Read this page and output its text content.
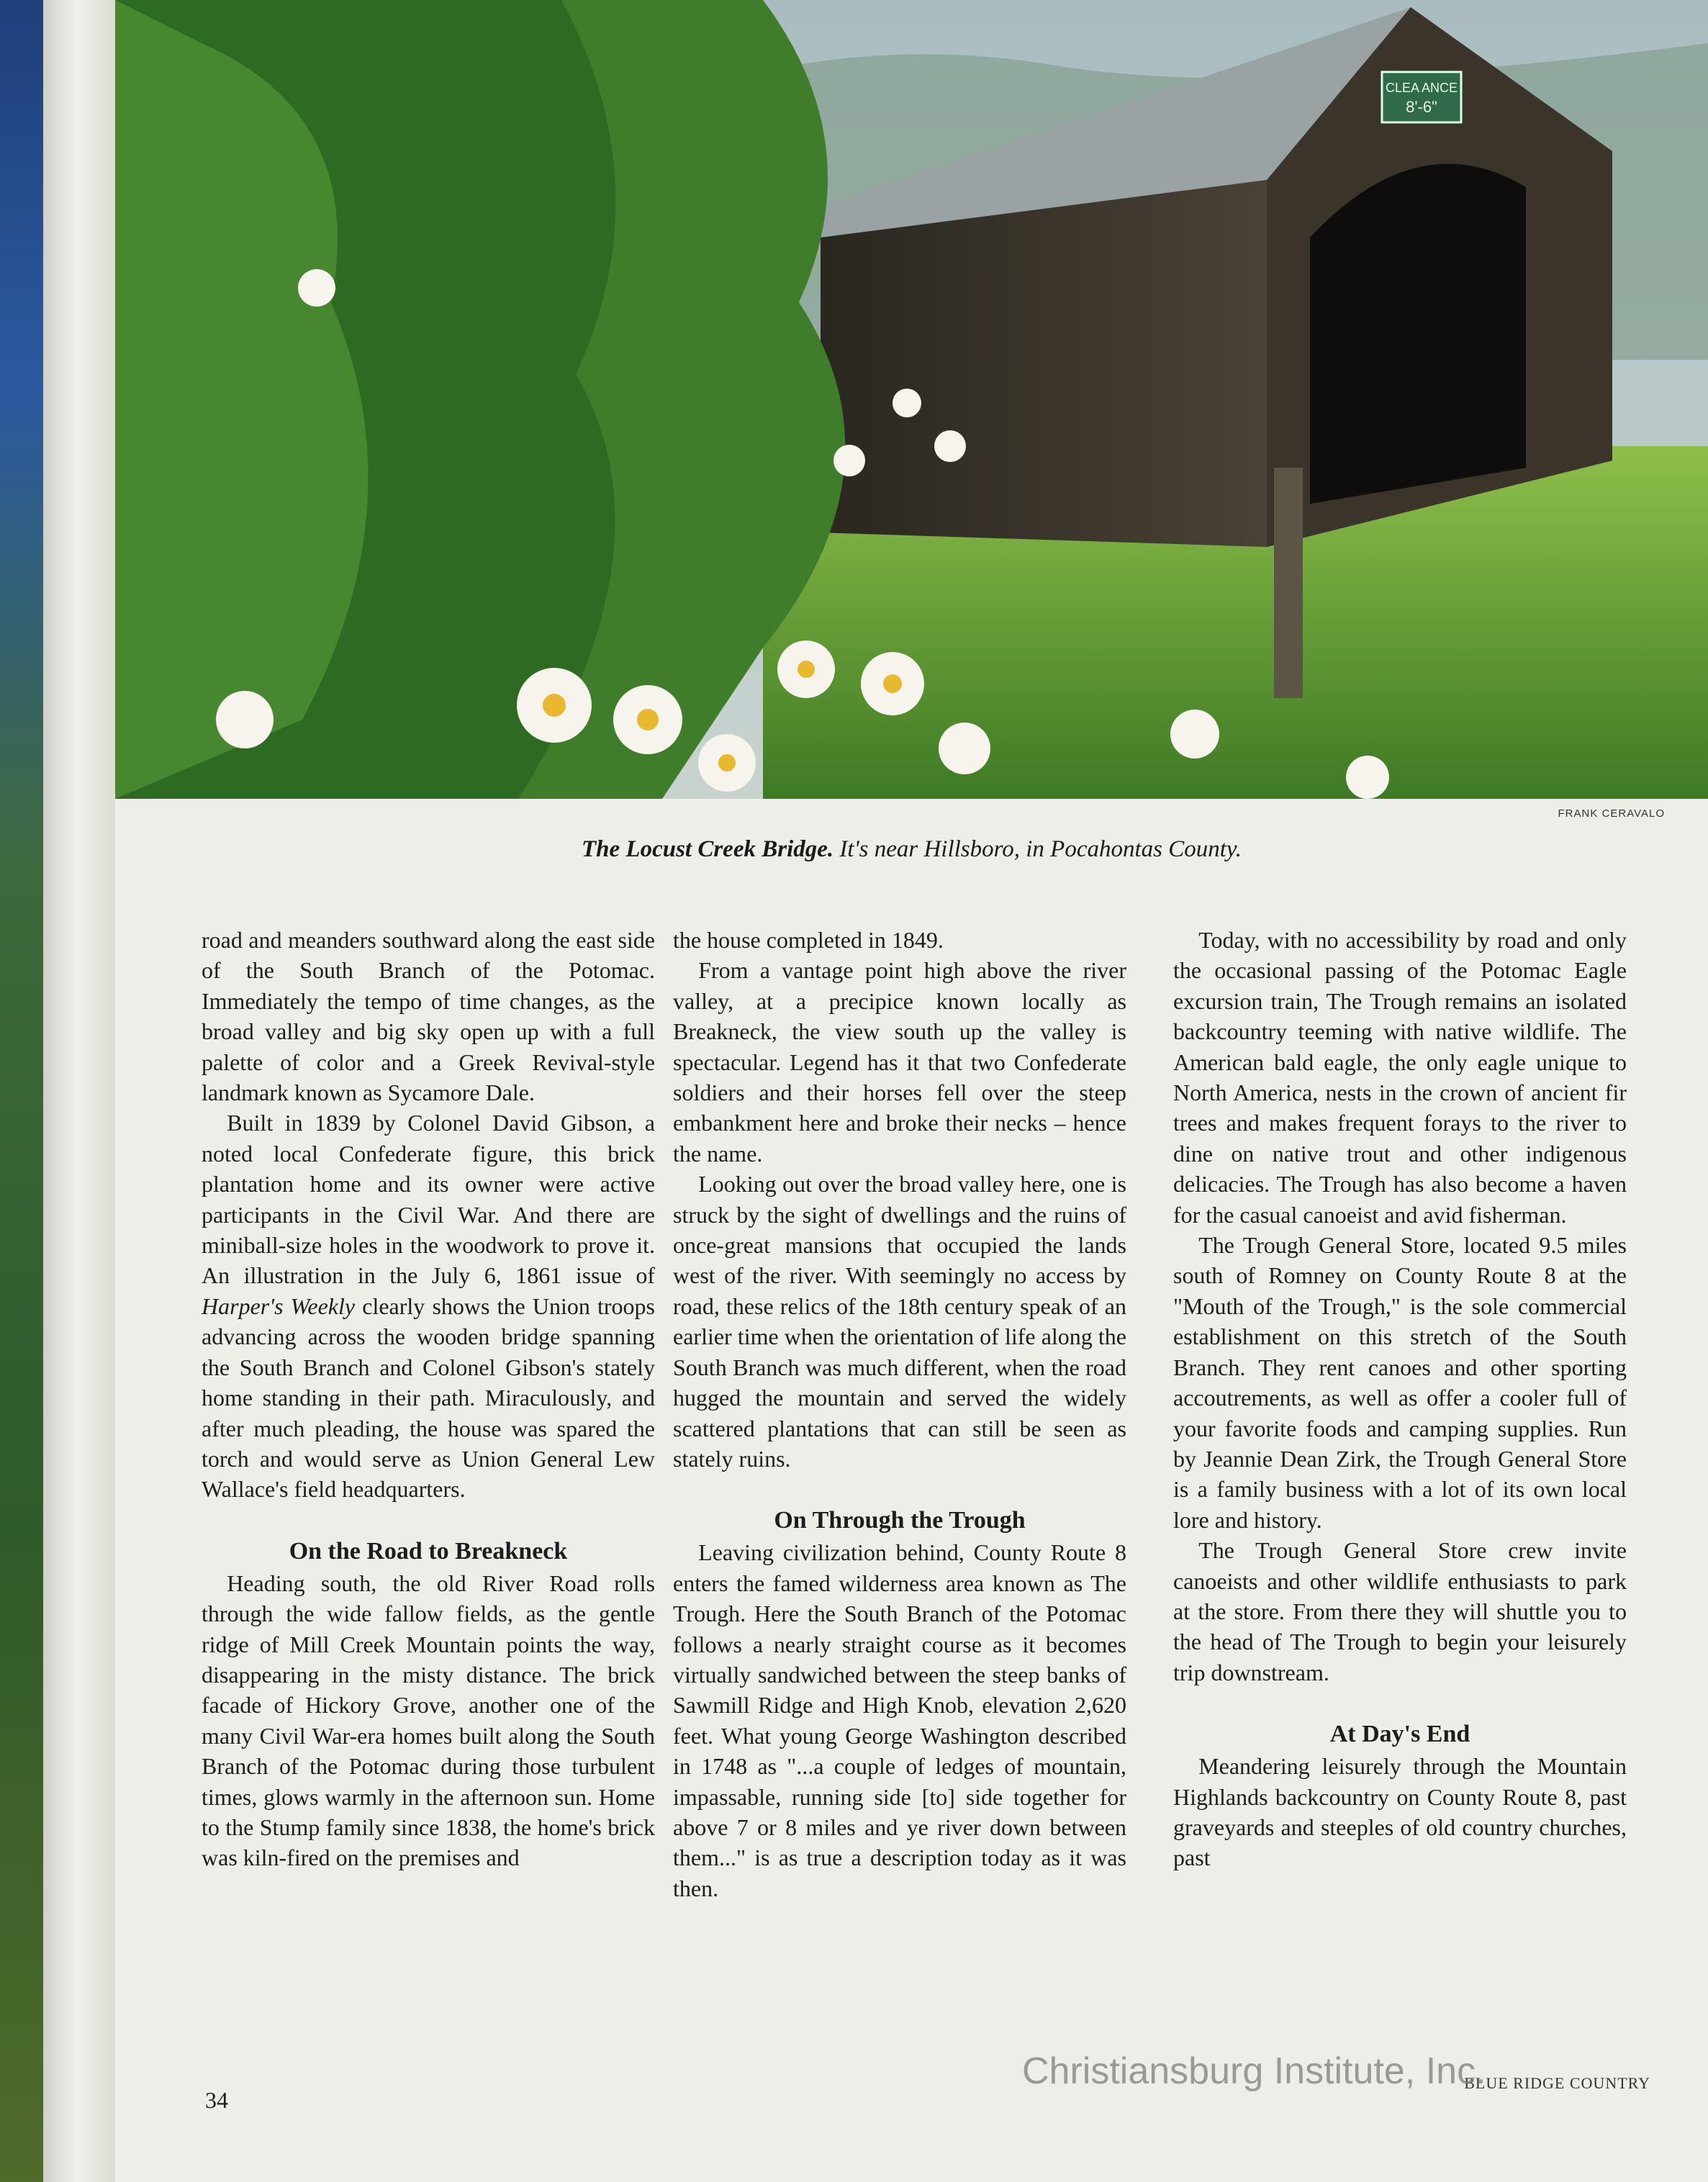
CLEA ANCE
8'-6"
FRANK CERAVALO
The Locust Creek Bridge. It's near Hillsboro, in Pocahontas County.

road and meanders southward along the east side of the South Branch of the Potomac. Immediately the tempo of time changes, as the broad valley and big sky open up with a full palette of color and a Greek Revival-style landmark known as Sycamore Dale.

Built in 1839 by Colonel David Gibson, a noted local Confederate figure, this brick plantation home and its owner were active participants in the Civil War. And there are miniball-size holes in the woodwork to prove it. An illustration in the July 6, 1861 issue of Harper's Weekly clearly shows the Union troops advancing across the wooden bridge spanning the South Branch and Colonel Gibson's stately home standing in their path. Miraculously, and after much pleading, the house was spared the torch and would serve as Union General Lew Wallace's field headquarters.

On the Road to Breakneck

Heading south, the old River Road rolls through the wide fallow fields, as the gentle ridge of Mill Creek Mountain points the way, disappearing in the misty distance. The brick facade of Hickory Grove, another one of the many Civil War-era homes built along the South Branch of the Potomac during those turbulent times, glows warmly in the afternoon sun. Home to the Stump family since 1838, the home's brick was kiln-fired on the premises and

the house completed in 1849.

From a vantage point high above the river valley, at a precipice known locally as Breakneck, the view south up the valley is spectacular. Legend has it that two Confederate soldiers and their horses fell over the steep embankment here and broke their necks – hence the name.

Looking out over the broad valley here, one is struck by the sight of dwellings and the ruins of once-great mansions that occupied the lands west of the river. With seemingly no access by road, these relics of the 18th century speak of an earlier time when the orientation of life along the South Branch was much different, when the road hugged the mountain and served the widely scattered plantations that can still be seen as stately ruins.

On Through the Trough

Leaving civilization behind, County Route 8 enters the famed wilderness area known as The Trough. Here the South Branch of the Potomac follows a nearly straight course as it becomes virtually sandwiched between the steep banks of Sawmill Ridge and High Knob, elevation 2,620 feet. What young George Washington described in 1748 as "...a couple of ledges of mountain, impassable, running side [to] side together for above 7 or 8 miles and ye river down between them..." is as true a description today as it was then.

Today, with no accessibility by road and only the occasional passing of the Potomac Eagle excursion train, The Trough remains an isolated backcountry teeming with native wildlife. The American bald eagle, the only eagle unique to North America, nests in the crown of ancient fir trees and makes frequent forays to the river to dine on native trout and other indigenous delicacies. The Trough has also become a haven for the casual canoeist and avid fisherman.

The Trough General Store, located 9.5 miles south of Romney on County Route 8 at the "Mouth of the Trough," is the sole commercial establishment on this stretch of the South Branch. They rent canoes and other sporting accoutrements, as well as offer a cooler full of your favorite foods and camping supplies. Run by Jeannie Dean Zirk, the Trough General Store is a family business with a lot of its own local lore and history.

The Trough General Store crew invite canoeists and other wildlife enthusiasts to park at the store. From there they will shuttle you to the head of The Trough to begin your leisurely trip downstream.

At Day's End

Meandering leisurely through the Mountain Highlands backcountry on County Route 8, past graveyards and steeples of old country churches, past

34
BLUE RIDGE COUNTRY
Christiansburg Institute, Inc.
